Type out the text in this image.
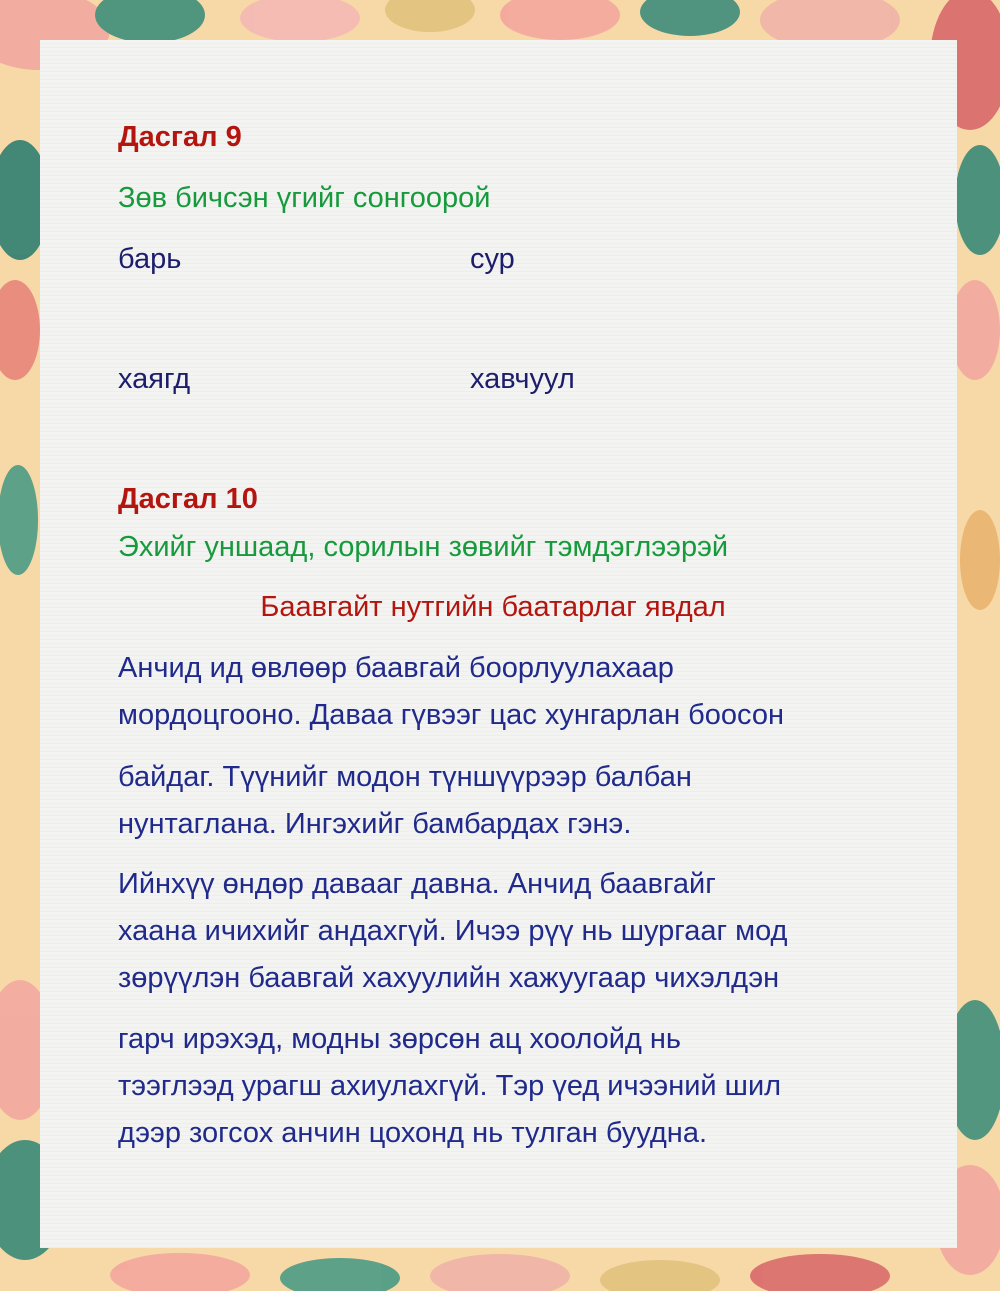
Дасгал 9
Зөв бичсэн үгийг сонгоорой
барь	сур
хаягд	хавчуул
Дасгал 10
Эхийг уншаад, сорилын зөвийг тэмдэглээрэй
Баавгайт нутгийн баатарлаг явдал
Анчид ид өвлөөр баавгай боорлуулахаар
мордоцгооно. Даваа гүвээг цас хунгарлан боосон
байдаг. Түүнийг модон түншүүрээр балбан
нунтаглана. Ингэхийг бамбардах гэнэ.
Ийнхүү өндөр давааг давна. Анчид баавгайг
хаана ичихийг андахгүй. Ичээ рүү нь шургааг мод
зөрүүлэн баавгай хахуулийн хажуугаар чихэлдэн
гарч ирэхэд, модны зөрсөн ац хоолойд нь
тээглээд урагш ахиулахгүй. Тэр үед ичээний шил
дээр зогсох анчин цохонд нь тулган буудна.
